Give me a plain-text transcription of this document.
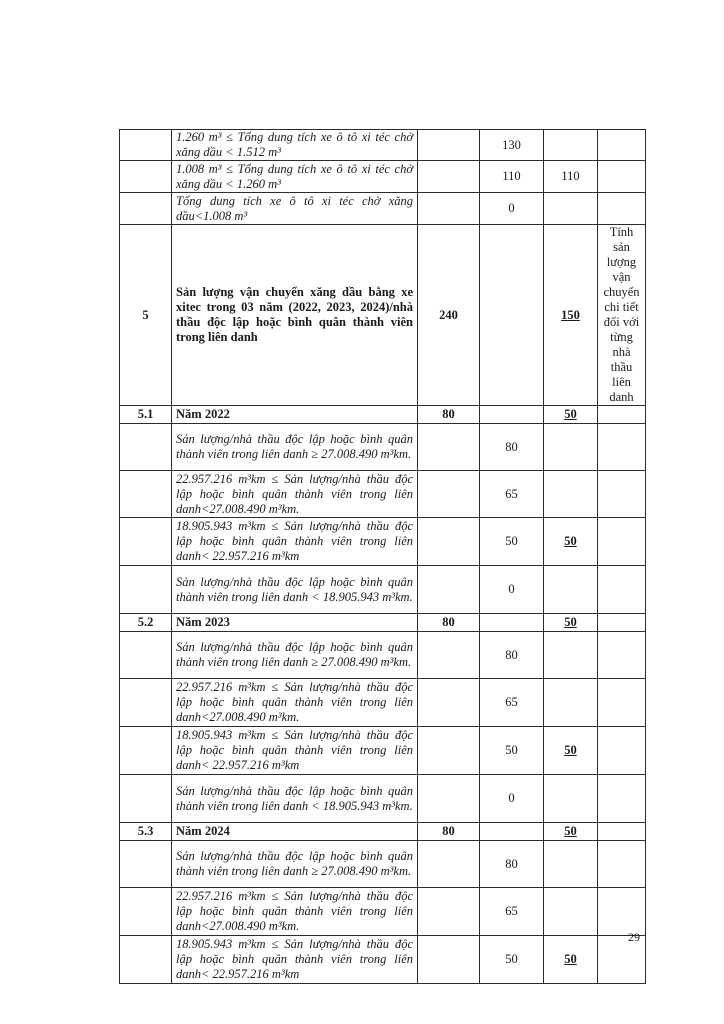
	1.260 m³ ≤ Tổng dung tích xe ô tô xi téc chở xăng dầu < 1.512 m³		130		
	1.008 m³ ≤ Tổng dung tích xe ô tô xi téc chở xăng dầu < 1.260 m³		110	110	
	Tổng dung tích xe ô tô xi téc chở xăng dầu<1.008 m³		0		
5	Sản lượng vận chuyển xăng dầu bằng xe xitec trong 03 năm (2022, 2023, 2024)/nhà thầu độc lập hoặc bình quân thành viên trong liên danh	240		150	Tính sản lượng vận chuyển chi tiết đối với từng nhà thầu liên danh
5.1	Năm 2022	80		50	
	Sản lượng/nhà thầu độc lập hoặc bình quân thành viên trong liên danh ≥ 27.008.490 m³km.		80		
	22.957.216 m³km ≤ Sản lượng/nhà thầu độc lập hoặc bình quân thành viên trong liên danh<27.008.490 m³km.		65		
	18.905.943 m³km ≤ Sản lượng/nhà thầu độc lập hoặc bình quân thành viên trong liên danh< 22.957.216 m³km		50	50	
	Sản lượng/nhà thầu độc lập hoặc bình quân thành viên trong liên danh < 18.905.943 m³km.		0		
5.2	Năm 2023	80		50	
	Sản lượng/nhà thầu độc lập hoặc bình quân thành viên trong liên danh ≥ 27.008.490 m³km.		80		
	22.957.216 m³km ≤ Sản lượng/nhà thầu độc lập hoặc bình quân thành viên trong liên danh<27.008.490 m³km.		65		
	18.905.943 m³km ≤ Sản lượng/nhà thầu độc lập hoặc bình quân thành viên trong liên danh< 22.957.216 m³km		50	50	
	Sản lượng/nhà thầu độc lập hoặc bình quân thành viên trong liên danh < 18.905.943 m³km.		0		
5.3	Năm 2024	80		50	
	Sản lượng/nhà thầu độc lập hoặc bình quân thành viên trong liên danh ≥ 27.008.490 m³km.		80		
	22.957.216 m³km ≤ Sản lượng/nhà thầu độc lập hoặc bình quân thành viên trong liên danh<27.008.490 m³km.		65		
	18.905.943 m³km ≤ Sản lượng/nhà thầu độc lập hoặc bình quân thành viên trong liên danh< 22.957.216 m³km		50	50	
29
